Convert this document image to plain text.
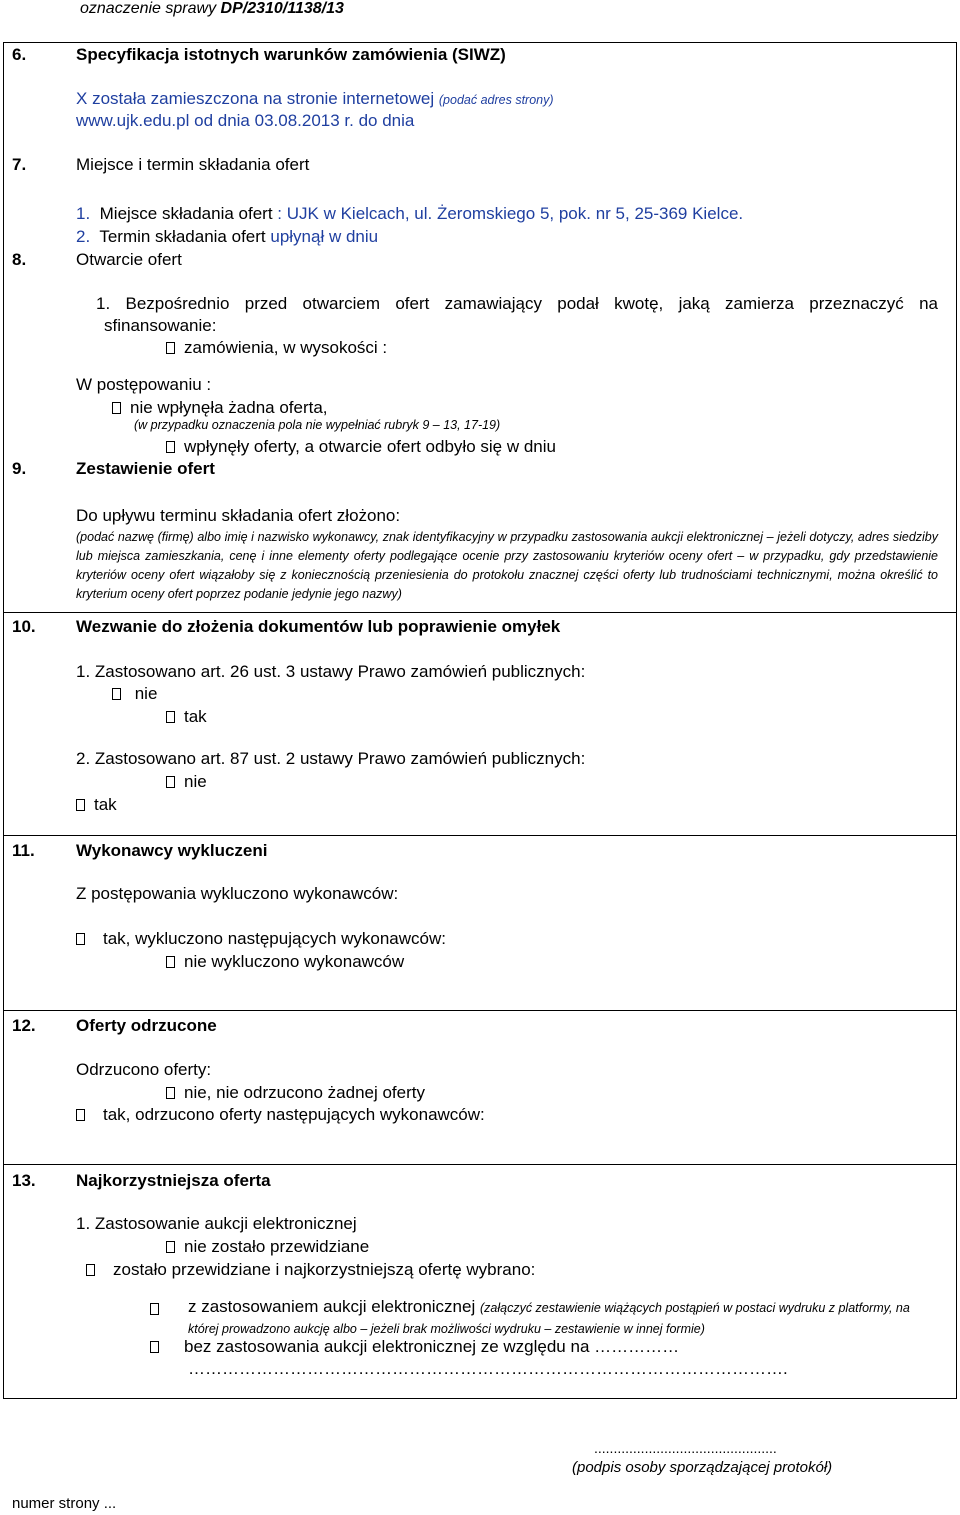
oznaczenie sprawy DP/2310/1138/13
6.	Specyfikacja istotnych warunków zamówienia (SIWZ)
X została zamieszczona na stronie internetowej (podać adres strony)
www.ujk.edu.pl od dnia 03.08.2013 r. do dnia
7.	Miejsce i termin składania ofert
1. Miejsce składania ofert : UJK w Kielcach, ul. Żeromskiego 5, pok. nr 5, 25-369 Kielce.
2. Termin składania ofert upłynął w dniu
8.	Otwarcie ofert
1. Bezpośrednio przed otwarciem ofert zamawiający podał kwotę, jaką zamierza przeznaczyć na sfinansowanie:
zamówienia, w wysokości :
W postępowaniu :
nie wpłynęła żadna oferta,
(w przypadku oznaczenia pola nie wypełniać rubryk 9 – 13, 17-19)
wpłynęły oferty, a otwarcie ofert odbyło się w dniu
9.	Zestawienie ofert
Do upływu terminu składania ofert złożono:
(podać nazwę (firmę) albo imię i nazwisko wykonawcy, znak identyfikacyjny w przypadku zastosowania aukcji elektronicznej – jeżeli dotyczy, adres siedziby lub miejsca zamieszkania, cenę i inne elementy oferty podlegające ocenie przy zastosowaniu kryteriów oceny ofert – w przypadku, gdy przedstawienie kryteriów oceny ofert wiązałoby się z koniecznością przeniesienia do protokołu znacznej części oferty lub trudnościami technicznymi, można określić to kryterium oceny ofert poprzez podanie jedynie jego nazwy)
10. Wezwanie do złożenia dokumentów lub poprawienie omyłek
1. Zastosowano art. 26 ust. 3 ustawy Prawo zamówień publicznych:
nie
tak
2. Zastosowano art. 87 ust. 2 ustawy Prawo zamówień publicznych:
nie
tak
11. Wykonawcy wykluczeni
Z postępowania wykluczono wykonawców:
tak, wykluczono następujących wykonawców:
nie wykluczono wykonawców
12. Oferty odrzucone
Odrzucono oferty:
nie, nie odrzucono żadnej oferty
tak, odrzucono oferty następujących wykonawców:
13. Najkorzystniejsza oferta
1. Zastosowanie aukcji elektronicznej
nie zostało przewidziane
zostało przewidziane i najkorzystniejszą ofertę wybrano:
z zastosowaniem aukcji elektronicznej (załączyć zestawienie wiążących postąpień w postaci wydruku z platformy, na której prowadzono aukcję albo – jeżeli brak możliwości wydruku – zestawienie w innej formie)
bez zastosowania aukcji elektronicznej ze względu na ……………
…………………………………………………………………………………………….
...............................................
(podpis osoby sporządzającej protokół)
numer strony ...
